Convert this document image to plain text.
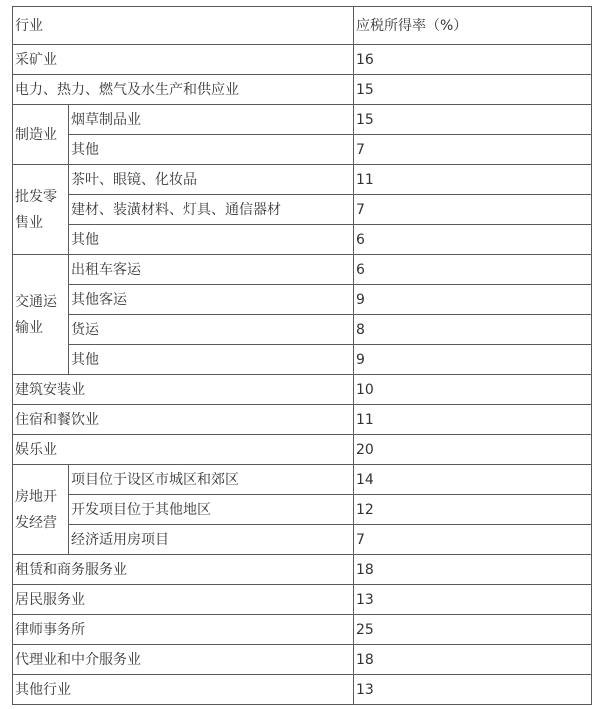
行业		应税所得率（%）
采矿业		16
电力、热力、燃气及水生产和供应业		15
制造业	烟草制品业	15
	其他	7
批发零售业	茶叶、眼镜、化妆品	11
	建材、装潢材料、灯具、通信器材	7
	其他	6
交通运输业	出租车客运	6
	其他客运	9
	货运	8
	其他	9
建筑安装业		10
住宿和餐饮业		11
娱乐业		20
房地开发经营	项目位于设区市城区和郊区	14
	开发项目位于其他地区	12
	经济适用房项目	7
租赁和商务服务业		18
居民服务业		13
律师事务所		25
代理业和中介服务业		18
其他行业		13
